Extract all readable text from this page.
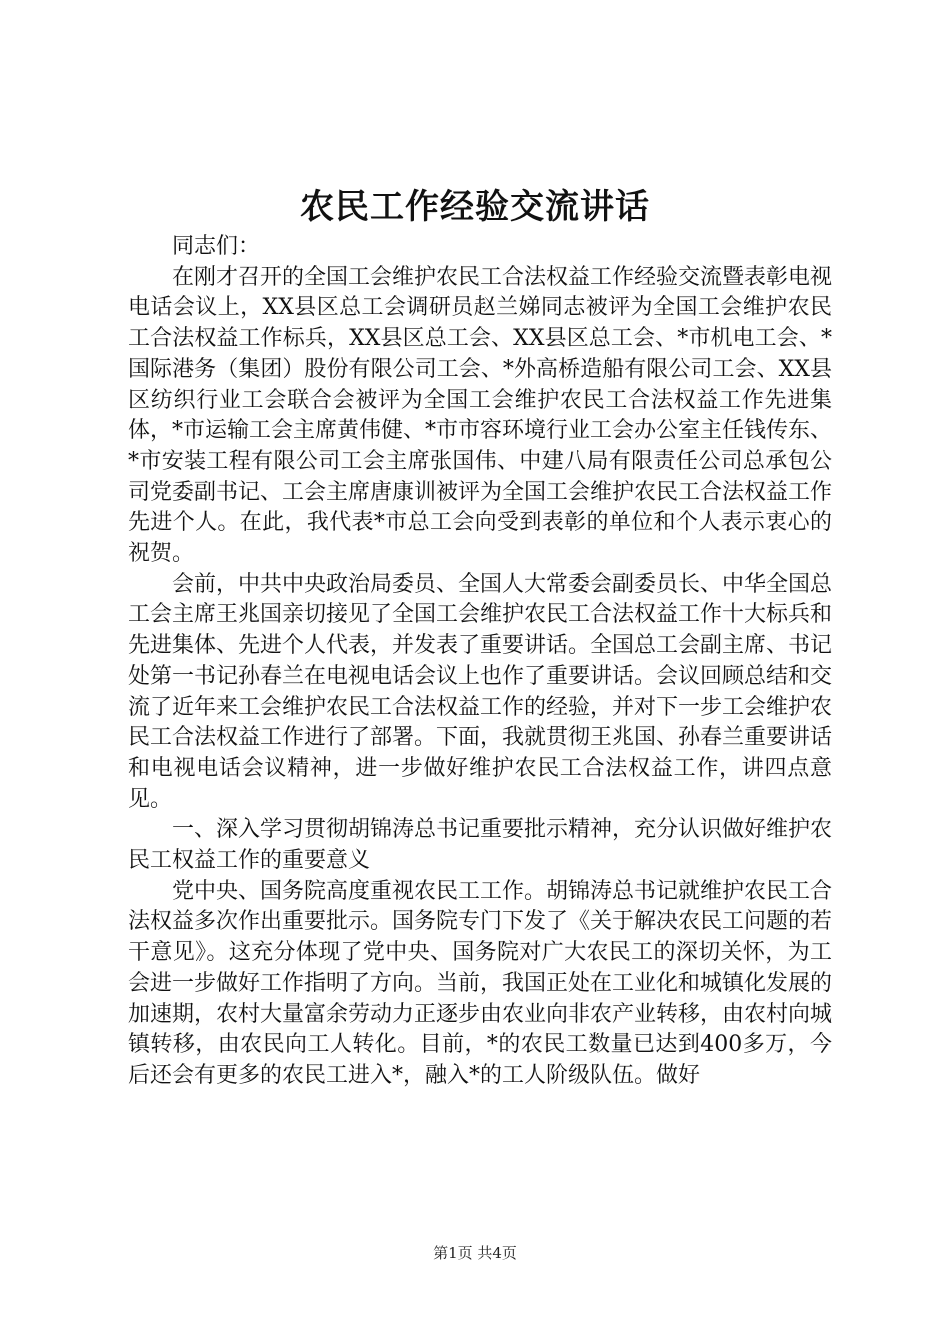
农民工作经验交流讲话

同志们：

在刚才召开的全国工会维护农民工合法权益工作经验交流暨表彰电视电话会议上，XX县区总工会调研员赵兰娣同志被评为全国工会维护农民工合法权益工作标兵，XX县区总工会、XX县区总工会、*市机电工会、*国际港务（集团）股份有限公司工会、*外高桥造船有限公司工会、XX县区纺织行业工会联合会被评为全国工会维护农民工合法权益工作先进集体，*市运输工会主席黄伟健、*市市容环境行业工会办公室主任钱传东、*市安装工程有限公司工会主席张国伟、中建八局有限责任公司总承包公司党委副书记、工会主席唐康训被评为全国工会维护农民工合法权益工作先进个人。在此，我代表*市总工会向受到表彰的单位和个人表示衷心的祝贺。

会前，中共中央政治局委员、全国人大常委会副委员长、中华全国总工会主席王兆国亲切接见了全国工会维护农民工合法权益工作十大标兵和先进集体、先进个人代表，并发表了重要讲话。全国总工会副主席、书记处第一书记孙春兰在电视电话会议上也作了重要讲话。会议回顾总结和交流了近年来工会维护农民工合法权益工作的经验，并对下一步工会维护农民工合法权益工作进行了部署。下面，我就贯彻王兆国、孙春兰重要讲话和电视电话会议精神，进一步做好维护农民工合法权益工作，讲四点意见。

一、深入学习贯彻胡锦涛总书记重要批示精神，充分认识做好维护农民工权益工作的重要意义

党中央、国务院高度重视农民工工作。胡锦涛总书记就维护农民工合法权益多次作出重要批示。国务院专门下发了《关于解决农民工问题的若干意见》。这充分体现了党中央、国务院对广大农民工的深切关怀，为工会进一步做好工作指明了方向。当前，我国正处在工业化和城镇化发展的加速期，农村大量富余劳动力正逐步由农业向非农产业转移，由农村向城镇转移，由农民向工人转化。目前，*的农民工数量已达到400多万，今后还会有更多的农民工进入*，融入*的工人阶级队伍。做好

第1页 共4页
